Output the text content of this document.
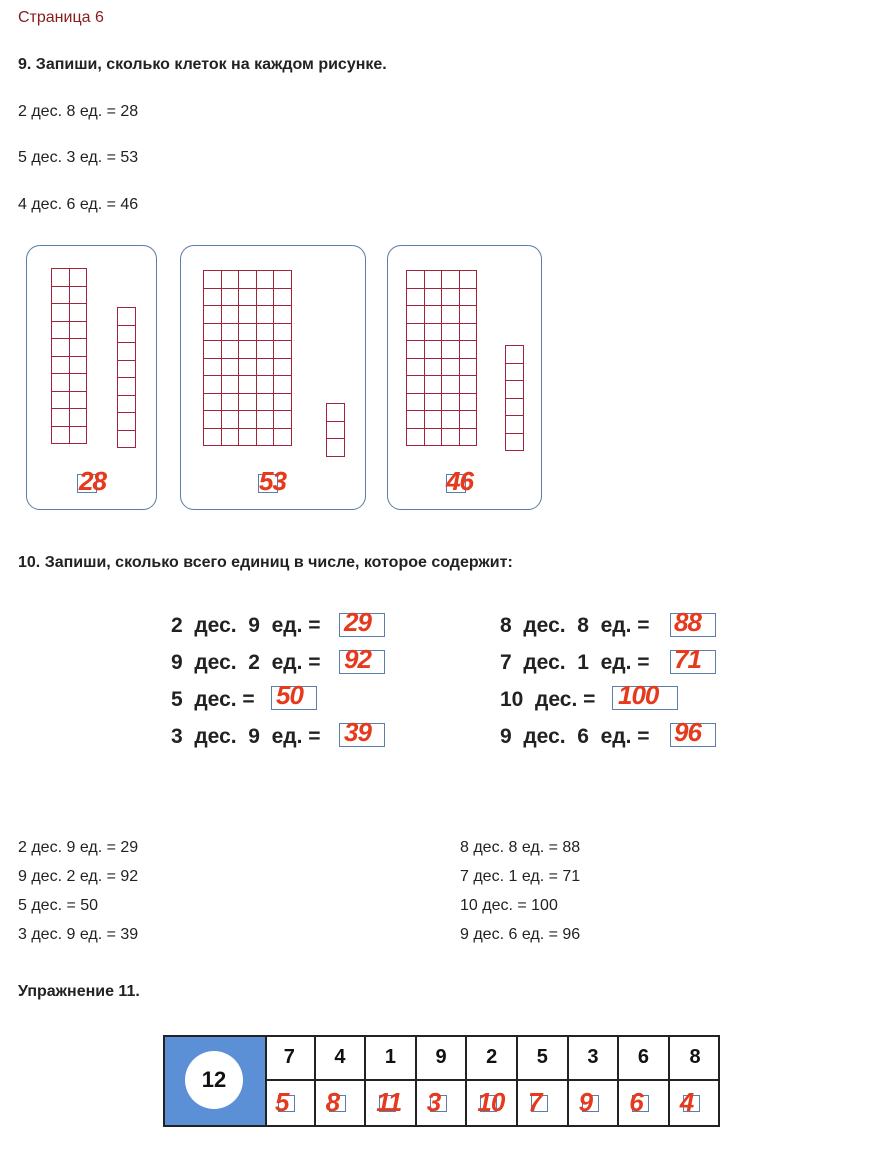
Страница 6
9. Запиши, сколько клеток на каждом рисунке.
2 дес. 8 ед. = 28
5 дес. 3 ед. = 53
4 дес. 6 ед. = 46
28	53	46
10. Запиши, сколько всего единиц в числе, которое содержит:
2  дес.  9  ед. = 29
9  дес.  2  ед. = 92
5  дес. = 50
3  дес.  9  ед. = 39
8  дес.  8  ед. = 88
7  дес.  1  ед. = 71
10  дес. = 100
9  дес.  6  ед. = 96
2 дес. 9 ед. = 29
9 дес. 2 ед. = 92
5 дес. = 50
3 дес. 9 ед. = 39
8 дес. 8 ед. = 88
7 дес. 1 ед. = 71
10 дес. = 100
9 дес. 6 ед. = 96
Упражнение 11.
12
7
5
4
8
1
11
9
3
2
10
5
7
3
9
6
6
8
4
